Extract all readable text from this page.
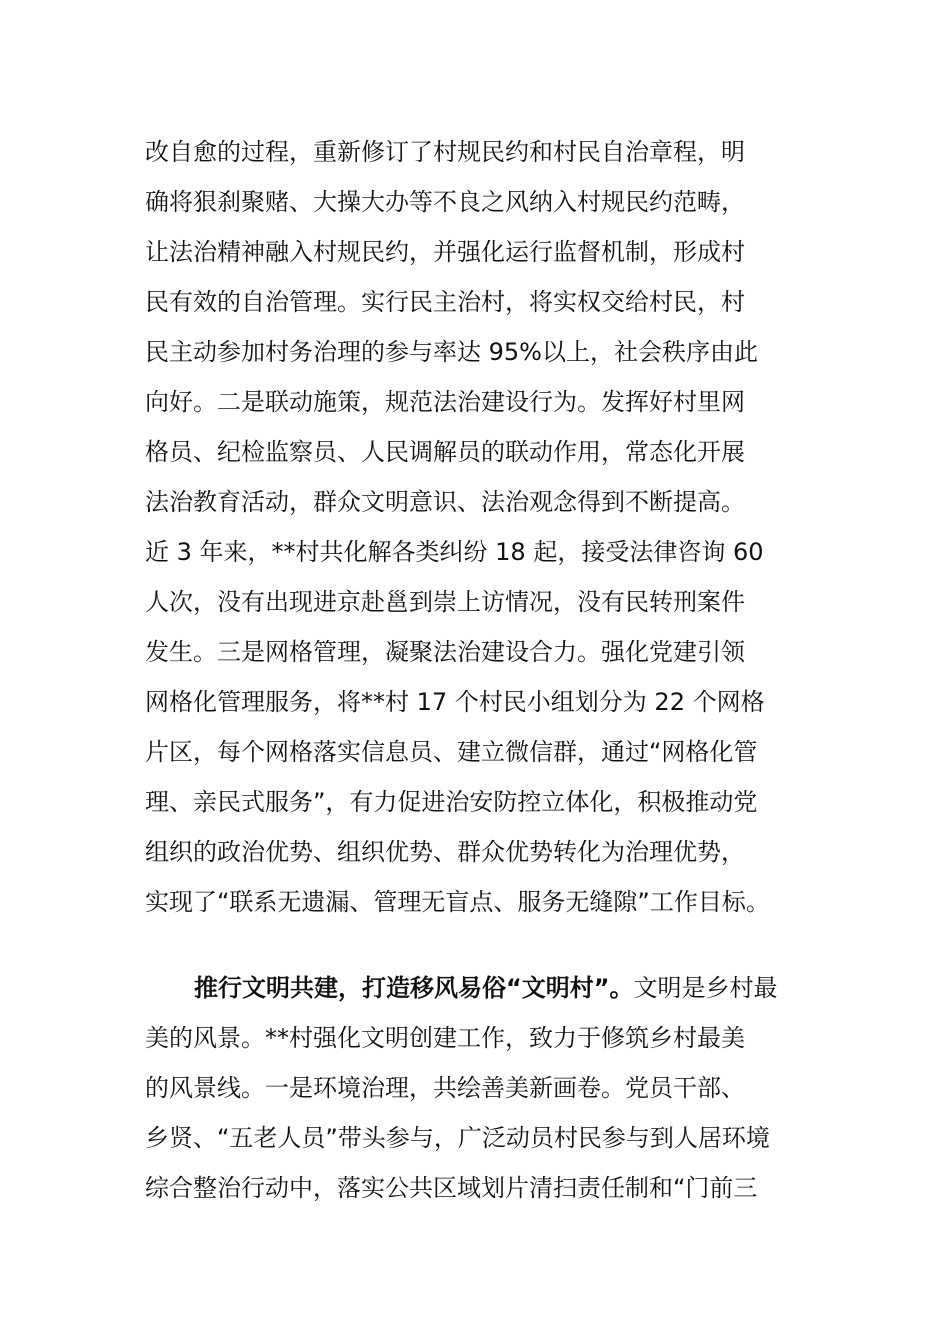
改自愈的过程，重新修订了村规民约和村民自治章程，明
确将狠刹聚赌、大操大办等不良之风纳入村规民约范畴，
让法治精神融入村规民约，并强化运行监督机制，形成村
民有效的自治管理。实行民主治村，将实权交给村民，村
民主动参加村务治理的参与率达 95%以上，社会秩序由此
向好。二是联动施策，规范法治建设行为。发挥好村里网
格员、纪检监察员、人民调解员的联动作用，常态化开展
法治教育活动，群众文明意识、法治观念得到不断提高。
近 3 年来，**村共化解各类纠纷 18 起，接受法律咨询 60
人次，没有出现进京赴邕到崇上访情况，没有民转刑案件
发生。三是网格管理，凝聚法治建设合力。强化党建引领
网格化管理服务，将**村 17 个村民小组划分为 22 个网格
片区，每个网格落实信息员、建立微信群，通过“网格化管
理、亲民式服务”，有力促进治安防控立体化，积极推动党
组织的政治优势、组织优势、群众优势转化为治理优势，
实现了“联系无遗漏、管理无盲点、服务无缝隙”工作目标。
推行文明共建，打造移风易俗“文明村”。文明是乡村最
美的风景。**村强化文明创建工作，致力于修筑乡村最美
的风景线。一是环境治理，共绘善美新画卷。党员干部、
乡贤、“五老人员”带头参与，广泛动员村民参与到人居环境
综合整治行动中，落实公共区域划片清扫责任制和“门前三
